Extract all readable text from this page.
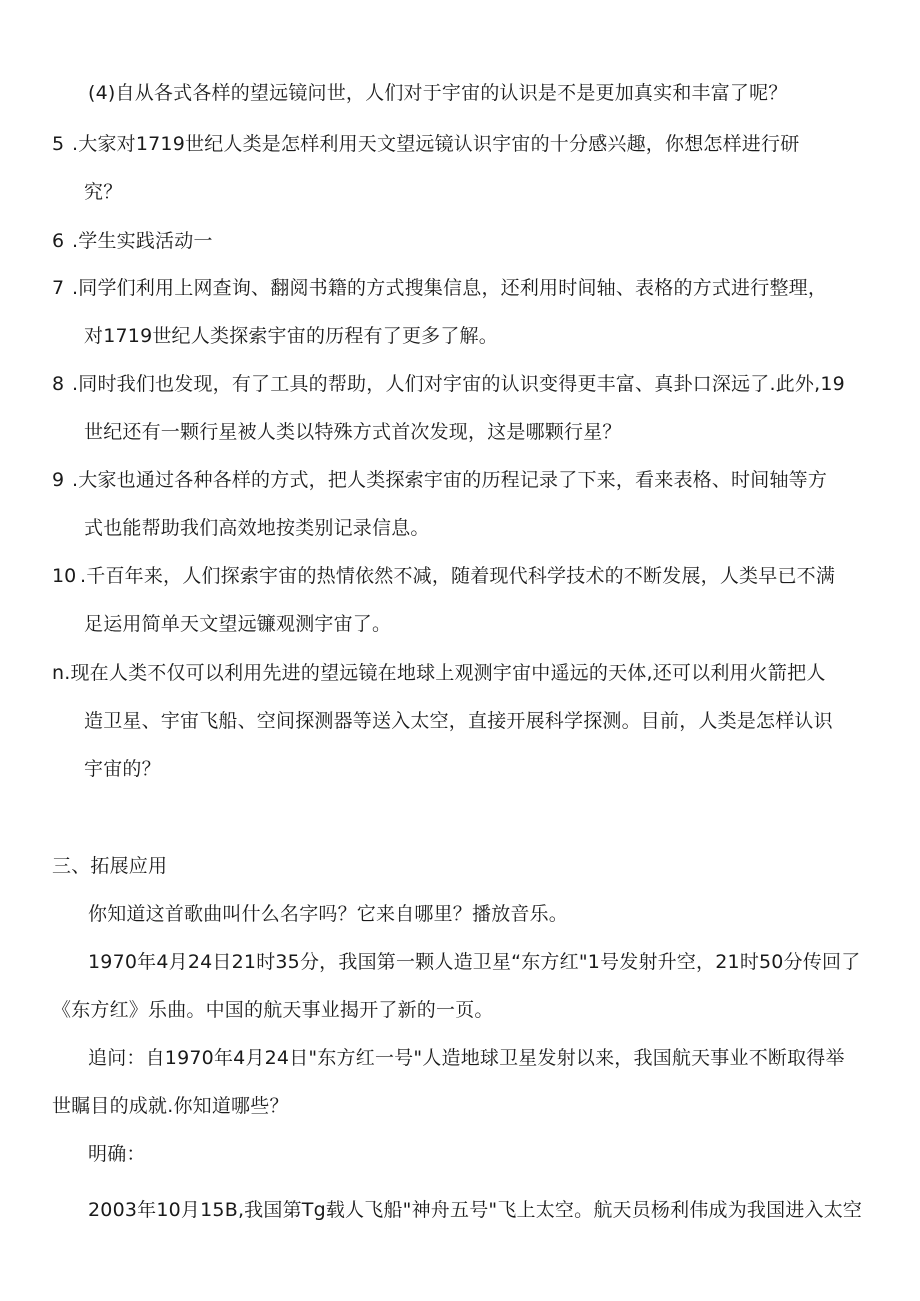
(4)自从各式各样的望远镜问世，人们对于宇宙的认识是不是更加真实和丰富了呢？
5 .大家对1719世纪人类是怎样利用天文望远镜认识宇宙的十分感兴趣，你想怎样进行研
究？
6 .学生实践活动一
7 .同学们利用上网查询、翻阅书籍的方式搜集信息，还利用时间轴、表格的方式进行整理，
对1719世纪人类探索宇宙的历程有了更多了解。
8 .同时我们也发现，有了工具的帮助，人们对宇宙的认识变得更丰富、真卦口深远了.此外,19
世纪还有一颗行星被人类以特殊方式首次发现，这是哪颗行星？
9 .大家也通过各种各样的方式，把人类探索宇宙的历程记录了下来，看来表格、时间轴等方
式也能帮助我们高效地按类别记录信息。
10 .千百年来，人们探索宇宙的热情依然不减，随着现代科学技术的不断发展，人类早已不满
足运用简单天文望远镰观测宇宙了。
n.现在人类不仅可以利用先进的望远镜在地球上观测宇宙中遥远的天体,还可以利用火箭把人
造卫星、宇宙飞船、空间探测器等送入太空，直接开展科学探测。目前，人类是怎样认识
宇宙的？
三、拓展应用
你知道这首歌曲叫什么名字吗？它来自哪里？播放音乐。
1970年4月24日21时35分，我国第一颗人造卫星“东方红"1号发射升空，21时50分传回了
《东方红》乐曲。中国的航天事业揭开了新的一页。
追问：自1970年4月24日"东方红一号"人造地球卫星发射以来，我国航天事业不断取得举
世瞩目的成就.你知道哪些？
明确：
2003年10月15B,我国第Tg载人飞船"神舟五号"飞上太空。航天员杨利伟成为我国进入太空
